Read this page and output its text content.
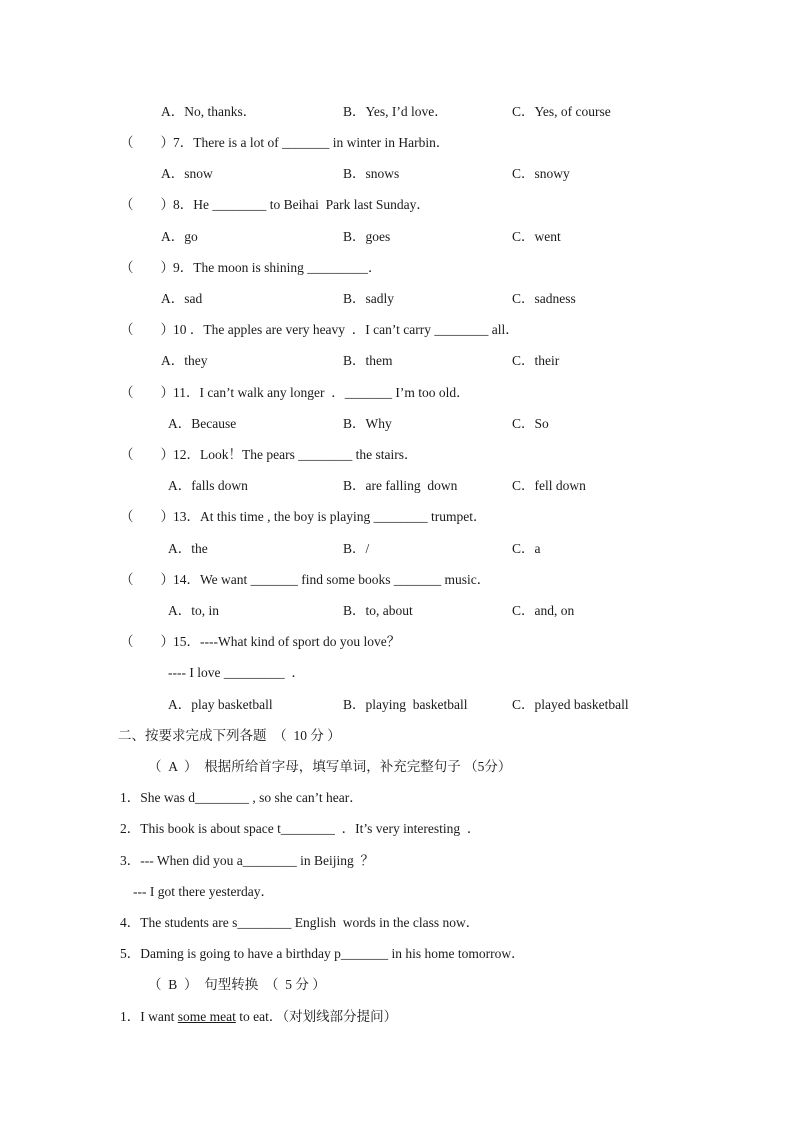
A．No, thanks．	B．Yes, I’d love．	C．Yes, of course
（　　） 7．There is a lot of _______ in winter in Harbin．
A．snow	B．snows	C．snowy
（　　） 8．He ________ to Beihai  Park last Sunday．
A．go	B．goes	C．went
（　　） 9．The moon is shining _________．
A．sad	B．sadly	C．sadness
（　　） 10 ．The apples are very heavy  ．I can’t carry ________ all．
A．they	B．them	C．their
（　　） 11．I can’t walk any longer  ．_______ I’m too old．
A．Because	B．Why	C．So
（　　） 12．Look！The pears ________ the stairs．
A．falls down	B．are falling  down	C．fell down
（　　） 13．At this time , the boy is playing ________ trumpet．
A．the	B．/	C．a
（　　） 14．We want _______ find some books _______ music．
A．to, in	B．to, about	C．and, on
（　　） 15．----What kind of sport do you love？
---- I love _________  ．
A．play basketball	B．playing  basketball	C．played basketball
二、按要求完成下列各题  （  10 分 ）
（  A  ）  根据所给首字母，填写单词，补充完整句子 （5分）
1．She was d________ , so she can’t hear．
2．This book is about space t________  ．It’s very interesting  ．
3．--- When did you a________ in Beijing  ？
--- I got there yesterday．
4．The students are s________ English  words in the class now．
5．Daming is going to have a birthday p_______ in his home tomorrow．
（  B  ）  句型转换  （  5 分 ）
1．I want some meat to eat．（对划线部分提问）
